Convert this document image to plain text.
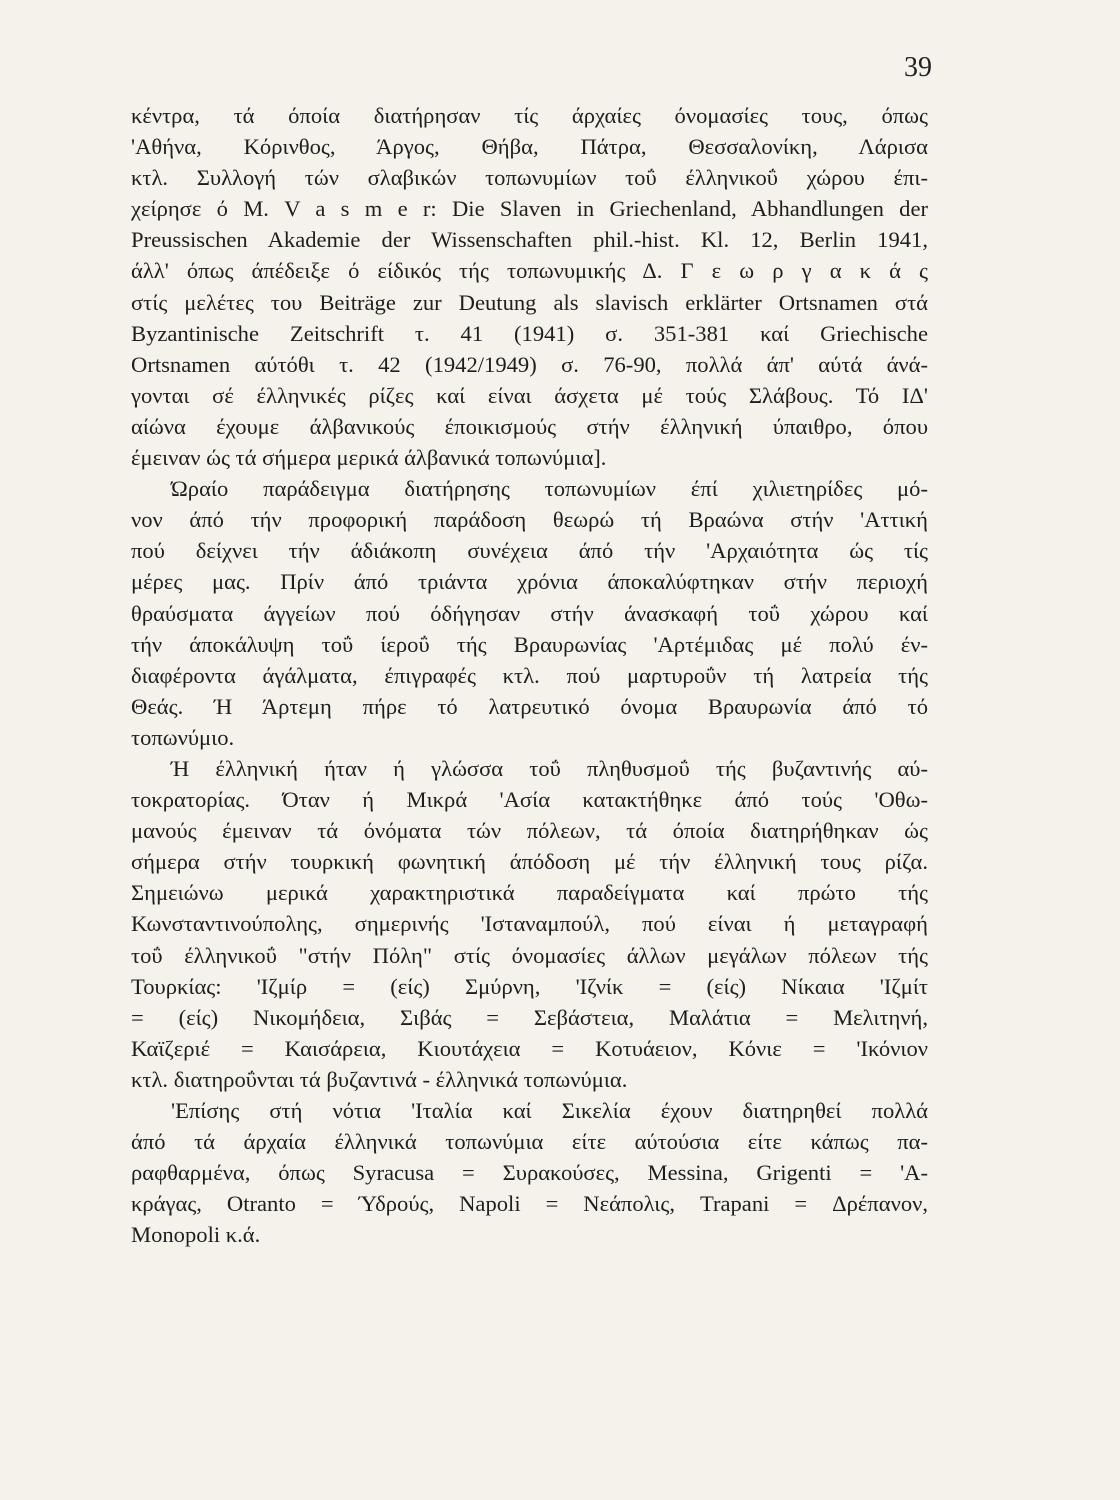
39
κέντρα, τά όποία διατήρησαν τίς άρχαίες όνομασίες τους, όπως
'Αθήνα, Κόρινθος, Άργος, Θήβα, Πάτρα, Θεσσαλονίκη, Λάρισα
κτλ. Συλλογή τών σλαβικών τοπωνυμίων τοΰ έλληνικοΰ χώρου έπι-
χείρησε ό Μ. V a s m e r: Die Slaven in Griechenland, Abhandlungen der
Preussischen Akademie der Wissenschaften phil.-hist. Kl. 12, Berlin 1941,
άλλ' όπως άπέδειξε ό είδικός τής τοπωνυμικής Δ. Γ ε ω ρ γ α κ ά ς
στίς μελέτες του Beiträge zur Deutung als slavisch erklärter Ortsnamen στά
Byzantinische Zeitschrift τ. 41 (1941) σ. 351-381 καί Griechische
Ortsnamen αύτόθι τ. 42 (1942/1949) σ. 76-90, πολλά άπ' αύτά άνά-
γονται σέ έλληνικές ρίζες καί είναι άσχετα μέ τούς Σλάβους. Τό ΙΔ'
αίώνα έχουμε άλβανικούς έποικισμούς στήν έλληνική ύπαιθρο, όπου
έμειναν ώς τά σήμερα μερικά άλβανικά τοπωνύμια].
Ώραίο παράδειγμα διατήρησης τοπωνυμίων έπί χιλιετηρίδες μό-
νον άπό τήν προφορική παράδοση θεωρώ τή Βραώνα στήν 'Αττική
πού δείχνει τήν άδιάκοπη συνέχεια άπό τήν 'Αρχαιότητα ώς τίς
μέρες μας. Πρίν άπό τριάντα χρόνια άποκαλύφτηκαν στήν περιοχή
θραύσματα άγγείων πού όδήγησαν στήν άνασκαφή τοΰ χώρου καί
τήν άποκάλυψη τοΰ ίεροΰ τής Βραυρωνίας 'Αρτέμιδας μέ πολύ έν-
διαφέροντα άγάλματα, έπιγραφές κτλ. πού μαρτυροΰν τή λατρεία τής
Θεάς. Ή Άρτεμη πήρε τό λατρευτικό όνομα Βραυρωνία άπό τό
τοπωνύμιο.
Ή έλληνική ήταν ή γλώσσα τοΰ πληθυσμοΰ τής βυζαντινής αύ-
τοκρατορίας. Όταν ή Μικρά 'Ασία κατακτήθηκε άπό τούς 'Οθω-
μανούς έμειναν τά όνόματα τών πόλεων, τά όποία διατηρήθηκαν ώς
σήμερα στήν τουρκική φωνητική άπόδοση μέ τήν έλληνική τους ρίζα.
Σημειώνω μερικά χαρακτηριστικά παραδείγματα καί πρώτο τής
Κωνσταντινούπολης, σημερινής 'Ισταναμπούλ, πού είναι ή μεταγραφή
τοΰ έλληνικοΰ "στήν Πόλη" στίς όνομασίες άλλων μεγάλων πόλεων τής
Τουρκίας: 'Ιζμίρ = (είς) Σμύρνη, 'Ιζνίκ = (είς) Νίκαια 'Ιζμίτ
= (είς) Νικομήδεια, Σιβάς = Σεβάστεια, Μαλάτια = Μελιτηνή,
Καϊζεριέ = Καισάρεια, Κιουτάχεια = Κοτυάειον, Κόνιε = 'Ικόνιον
κτλ. διατηροΰνται τά βυζαντινά - έλληνικά τοπωνύμια.
'Επίσης στή νότια 'Ιταλία καί Σικελία έχουν διατηρηθεί πολλά
άπό τά άρχαία έλληνικά τοπωνύμια είτε αύτούσια είτε κάπως πα-
ραφθαρμένα, όπως Syracusa = Συρακούσες, Messina, Grigenti = 'Α-
κράγας, Otranto = Ύδρούς, Napoli = Νεάπολις, Trapani = Δρέπανον,
Monopoli κ.ά.
